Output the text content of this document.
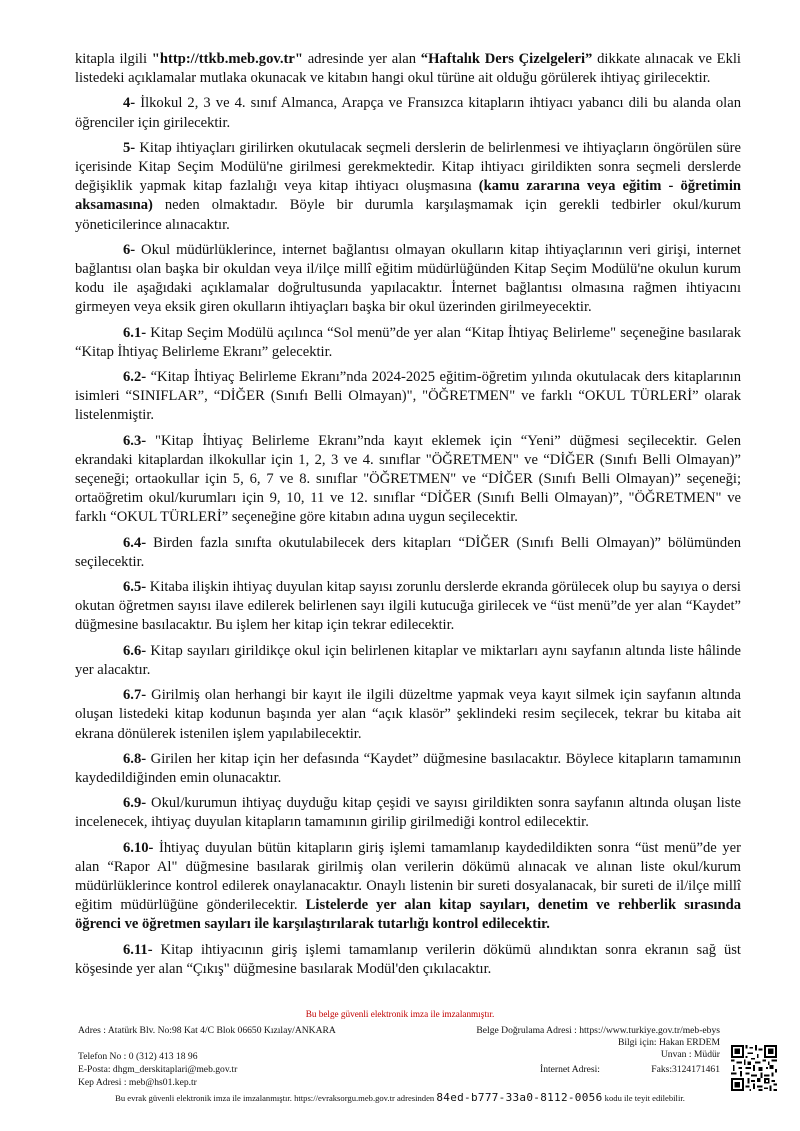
kitapla ilgili "http://ttkb.meb.gov.tr" adresinde yer alan “Haftalık Ders Çizelgeleri” dikkate alınacak ve Ekli listedeki açıklamalar mutlaka okunacak ve kitabın hangi okul türüne ait olduğu görülerek ihtiyaç girilecektir.

4- İlkokul 2, 3 ve 4. sınıf Almanca, Arapça ve Fransızca kitapların ihtiyacı yabancı dili bu alanda olan öğrenciler için girilecektir.

5- Kitap ihtiyaçları girilirken okutulacak seçmeli derslerin de belirlenmesi ve ihtiyaçların öngörülen süre içerisinde Kitap Seçim Modülü'ne girilmesi gerekmektedir. Kitap ihtiyacı girildikten sonra seçmeli derslerde değişiklik yapmak kitap fazlalığı veya kitap ihtiyacı oluşmasına (kamu zararına veya eğitim - öğretimin aksamasına) neden olmaktadır. Böyle bir durumla karşılaşmamak için gerekli tedbirler okul/kurum yöneticilerince alınacaktır.

6- Okul müdürlüklerince, internet bağlantısı olmayan okulların kitap ihtiyaçlarının veri girişi, internet bağlantısı olan başka bir okuldan veya il/ilçe millî eğitim müdürlüğünden Kitap Seçim Modülü'ne okulun kurum kodu ile aşağıdaki açıklamalar doğrultusunda yapılacaktır. İnternet bağlantısı olmasına rağmen ihtiyacını girmeyen veya eksik giren okulların ihtiyaçları başka bir okul üzerinden girilmeyecektir.

6.1- Kitap Seçim Modülü açılınca “Sol menü”de yer alan “Kitap İhtiyaç Belirleme" seçeneğine basılarak “Kitap İhtiyaç Belirleme Ekranı” gelecektir.

6.2- “Kitap İhtiyaç Belirleme Ekranı”nda 2024-2025 eğitim-öğretim yılında okutulacak ders kitaplarının isimleri “SINIFLAR”, “DİĞER (Sınıfı Belli Olmayan)", "ÖĞRETMEN" ve farklı “OKUL TÜRLERİ” olarak listelenmiştir.

6.3- "Kitap İhtiyaç Belirleme Ekranı”nda kayıt eklemek için “Yeni” düğmesi seçilecektir. Gelen ekrandaki kitaplardan ilkokullar için 1, 2, 3 ve 4. sınıflar "ÖĞRETMEN" ve “DİĞER (Sınıfı Belli Olmayan)” seçeneği; ortaokullar için 5, 6, 7 ve 8. sınıflar "ÖĞRETMEN" ve “DİĞER (Sınıfı Belli Olmayan)” seçeneği; ortaöğretim okul/kurumları için 9, 10, 11 ve 12. sınıflar “DİĞER (Sınıfı Belli Olmayan)”, "ÖĞRETMEN" ve farklı “OKUL TÜRLERİ” seçeneğine göre kitabın adına uygun seçilecektir.

6.4- Birden fazla sınıfta okutulabilecek ders kitapları “DİĞER (Sınıfı Belli Olmayan)” bölümünden seçilecektir.

6.5- Kitaba ilişkin ihtiyaç duyulan kitap sayısı zorunlu derslerde ekranda görülecek olup bu sayıya o dersi okutan öğretmen sayısı ilave edilerek belirlenen sayı ilgili kutucuğa girilecek ve “üst menü”de yer alan “Kaydet” düğmesine basılacaktır. Bu işlem her kitap için tekrar edilecektir.

6.6- Kitap sayıları girildikçe okul için belirlenen kitaplar ve miktarları aynı sayfanın altında liste hâlinde yer alacaktır.

6.7- Girilmiş olan herhangi bir kayıt ile ilgili düzeltme yapmak veya kayıt silmek için sayfanın altında oluşan listedeki kitap kodunun başında yer alan “açık klasör” şeklindeki resim seçilecek, tekrar bu kitaba ait ekrana dönülerek istenilen işlem yapılabilecektir.

6.8- Girilen her kitap için her defasında “Kaydet” düğmesine basılacaktır. Böylece kitapların tamamının kaydedildiğinden emin olunacaktır.

6.9- Okul/kurumun ihtiyaç duyduğu kitap çeşidi ve sayısı girildikten sonra sayfanın altında oluşan liste incelenecek, ihtiyaç duyulan kitapların tamamının girilip girilmediği kontrol edilecektir.

6.10- İhtiyaç duyulan bütün kitapların giriş işlemi tamamlanıp kaydedildikten sonra “üst menü”de yer alan “Rapor Al" düğmesine basılarak girilmiş olan verilerin dökümü alınacak ve alınan liste okul/kurum müdürlüklerince kontrol edilerek onaylanacaktır. Onaylı listenin bir sureti dosyalanacak, bir sureti de il/ilçe millî eğitim müdürlüğüne gönderilecektir. Listelerde yer alan kitap sayıları, denetim ve rehberlik sırasında öğrenci ve öğretmen sayıları ile karşılaştırılarak tutarlığı kontrol edilecektir.

6.11- Kitap ihtiyacının giriş işlemi tamamlanıp verilerin dökümü alındıktan sonra ekranın sağ üst köşesinde yer alan “Çıkış" düğmesine basılarak Modül'den çıkılacaktır.

Bu belge güvenli elektronik imza ile imzalanmıştır.
Adres : Atatürk Blv. No:98 Kat 4/C Blok 06650 Kızılay/ANKARA	Belge Doğrulama Adresi : https://www.turkiye.gov.tr/meb-ebys
Bilgi için: Hakan ERDEM
Unvan : Müdür
Telefon No : 0 (312) 413 18 96
E-Posta: dhgm_derskitaplari@meb.gov.tr	İnternet Adresi:	Faks:3124171461
Kep Adresi : meb@hs01.kep.tr
Bu evrak güvenli elektronik imza ile imzalanmıştır. https://evraksorgu.meb.gov.tr adresinden 84ed-b777-33a0-8112-0056 kodu ile teyit edilebilir.
